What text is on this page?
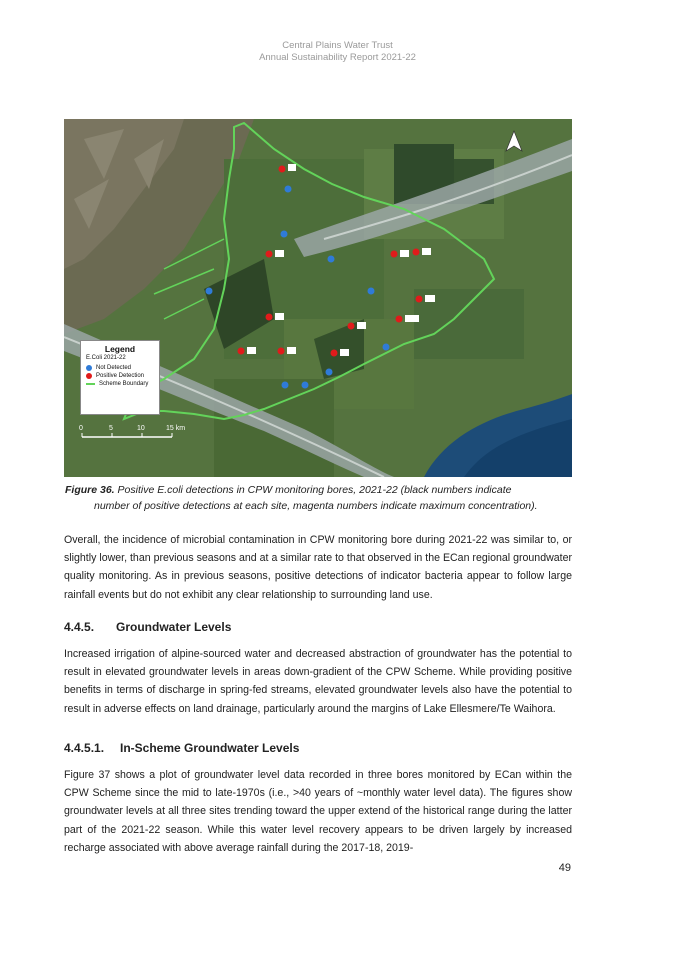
Central Plains Water Trust
Annual Sustainability Report 2021-22
0	5	10	15 km
Legend
E.Coli 2021-22
Not Detected
Positive Detection
Scheme Boundary
Figure 36. Positive E.coli detections in CPW monitoring bores, 2021-22 (black numbers indicate
number of positive detections at each site, magenta numbers indicate maximum concentration).
Overall, the incidence of microbial contamination in CPW monitoring bore during 2021-22 was similar to, or slightly lower, than previous seasons and at a similar rate to that observed in the ECan regional groundwater quality monitoring. As in previous seasons, positive detections of indicator bacteria appear to follow large rainfall events but do not exhibit any clear relationship to surrounding land use.
4.4.5. Groundwater Levels
Increased irrigation of alpine-sourced water and decreased abstraction of groundwater has the potential to result in elevated groundwater levels in areas down-gradient of the CPW Scheme. While providing positive benefits in terms of discharge in spring-fed streams, elevated groundwater levels also have the potential to result in adverse effects on land drainage, particularly around the margins of Lake Ellesmere/Te Waihora.
4.4.5.1. In-Scheme Groundwater Levels
Figure 37 shows a plot of groundwater level data recorded in three bores monitored by ECan within the CPW Scheme since the mid to late-1970s (i.e., >40 years of ~monthly water level data). The figures show groundwater levels at all three sites trending toward the upper extend of the historical range during the latter part of the 2021-22 season. While this water level recovery appears to be driven largely by increased recharge associated with above average rainfall during the 2017-18, 2019-
49
